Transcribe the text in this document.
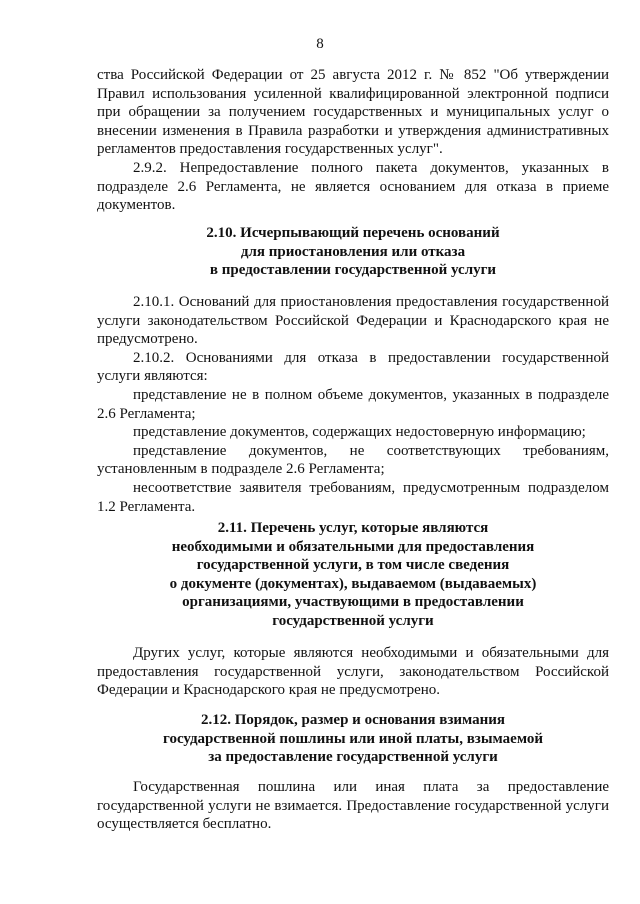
8

ства Российской Федерации от 25 августа 2012 г. № 852 "Об утверждении Правил использования усиленной квалифицированной электронной подписи при обращении за получением государственных и муниципальных услуг о внесении изменения в Правила разработки и утверждения административных регламентов предоставления государственных услуг".

2.9.2. Непредоставление полного пакета документов, указанных в подразделе 2.6 Регламента, не является основанием для отказа в приеме документов.

2.10. Исчерпывающий перечень оснований
для приостановления или отказа
в предоставлении государственной услуги

2.10.1. Оснований для приостановления предоставления государственной услуги законодательством Российской Федерации и Краснодарского края не предусмотрено.

2.10.2. Основаниями для отказа в предоставлении государственной услуги являются:

представление не в полном объеме документов, указанных в подразделе 2.6 Регламента;

представление документов, содержащих недостоверную информацию;

представление документов, не соответствующих требованиям, установленным в подразделе 2.6 Регламента;

несоответствие заявителя требованиям, предусмотренным подразделом 1.2 Регламента.

2.11. Перечень услуг, которые являются
необходимыми и обязательными для предоставления
государственной услуги, в том числе сведения
о документе (документах), выдаваемом (выдаваемых)
организациями, участвующими в предоставлении
государственной услуги

Других услуг, которые являются необходимыми и обязательными для предоставления государственной услуги, законодательством Российской Федерации и Краснодарского края не предусмотрено.

2.12. Порядок, размер и основания взимания
государственной пошлины или иной платы, взымаемой
за предоставление государственной услуги

Государственная пошлина или иная плата за предоставление государственной услуги не взимается. Предоставление государственной услуги осуществляется бесплатно.
